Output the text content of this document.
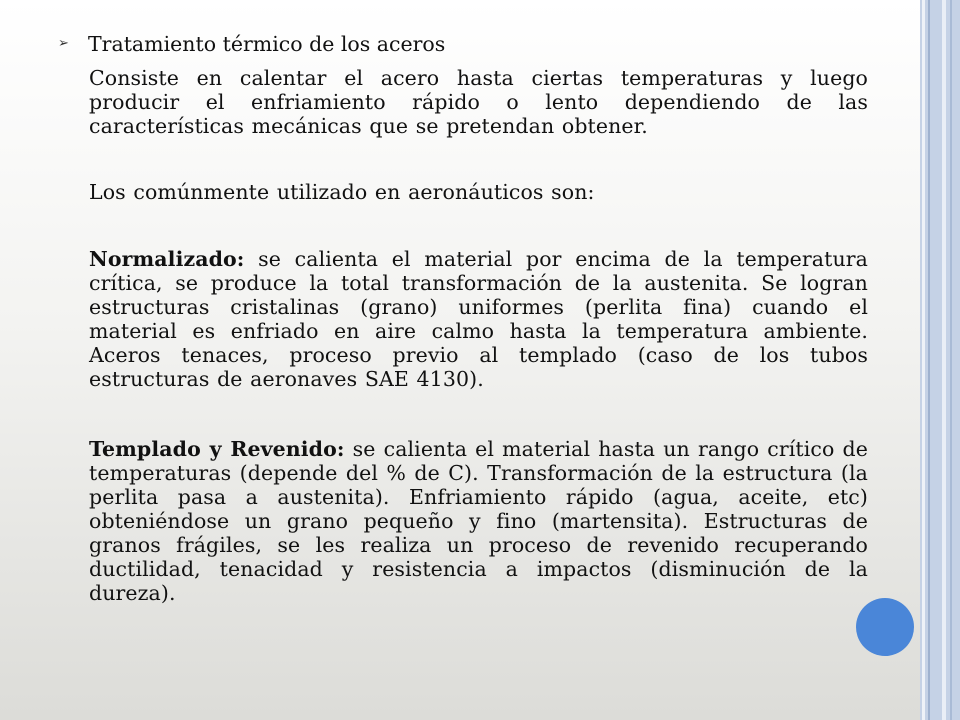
➢ Tratamiento térmico de los aceros

Consiste en calentar el acero hasta ciertas temperaturas y luego producir el enfriamiento rápido o lento dependiendo de las características mecánicas que se pretendan obtener.

Los comúnmente utilizado en aeronáuticos son:

Normalizado: se calienta el material por encima de la temperatura crítica, se produce la total transformación de la austenita. Se logran estructuras cristalinas (grano) uniformes (perlita fina) cuando el material es enfriado en aire calmo hasta la temperatura ambiente. Aceros tenaces, proceso previo al templado (caso de los tubos estructuras de aeronaves SAE 4130).

Templado y Revenido: se calienta el material hasta un rango crítico de temperaturas (depende del % de C). Transformación de la estructura (la perlita pasa a austenita). Enfriamiento rápido (agua, aceite, etc) obteniéndose un grano pequeño y fino (martensita). Estructuras de granos frágiles, se les realiza un proceso de revenido recuperando ductilidad, tenacidad y resistencia a impactos (disminución de la dureza).
